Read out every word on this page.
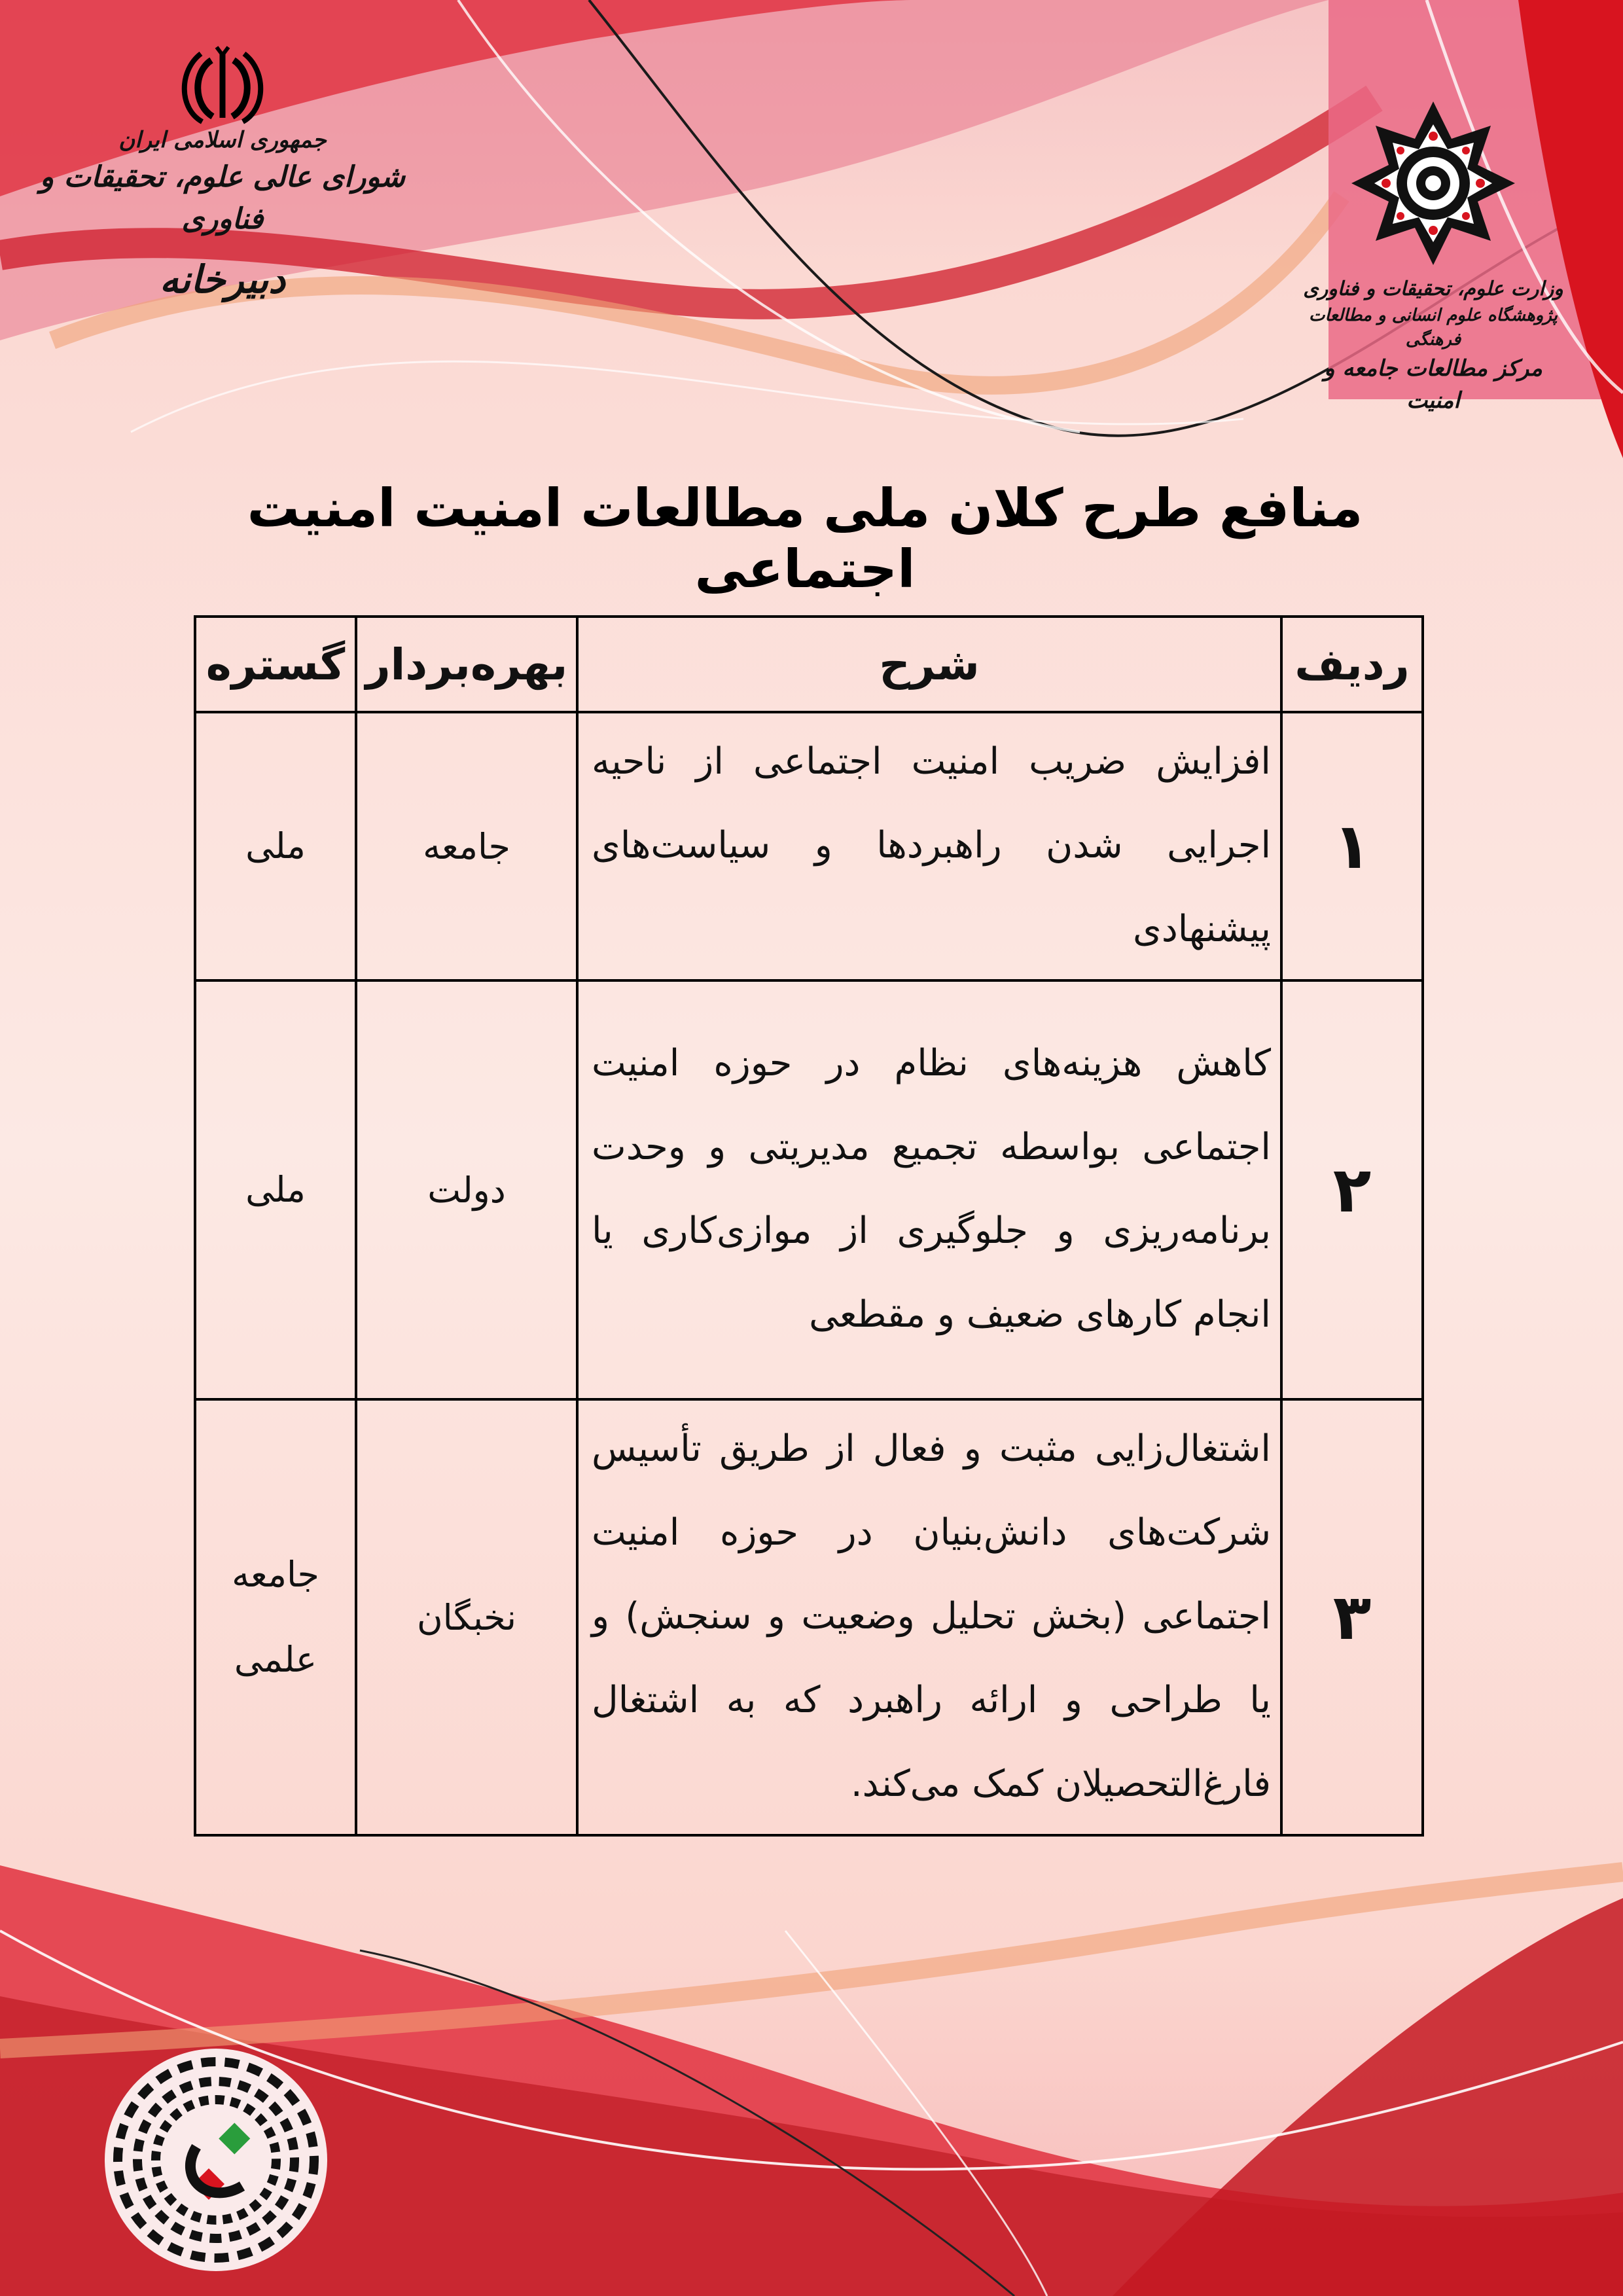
جمهوری اسلامی ایران
شورای عالی علوم، تحقیقات و فناوری
دبیرخانه	وزارت علوم، تحقیقات و فناوری
پژوهشگاه علوم انسانی و مطالعات فرهنگی
مرکز مطالعات جامعه و امنیت
منافع طرح کلان ملی مطالعات امنیت امنیت اجتماعی
ردیف	شرح	بهره‌بردار	گستره
۱	افزایش ضریب امنیت اجتماعی از ناحیه اجرایی شدن راهبردها و سیاست‌های پیشنهادی	جامعه	ملی
۲	کاهش هزینه‌های نظام در حوزه امنیت اجتماعی بواسطه تجمیع مدیریتی و وحدت برنامه‌ریزی و جلوگیری از موازی‌کاری یا انجام کارهای ضعیف و مقطعی	دولت	ملی
۳	اشتغال‌زایی مثبت و فعال از طریق تأسیس شرکت‌های دانش‌بنیان در حوزه امنیت اجتماعی (بخش تحلیل وضعیت و سنجش) و یا طراحی و ارائه راهبرد که به اشتغال فارغ‌التحصیلان کمک می‌کند.	نخبگان	جامعه علمی
